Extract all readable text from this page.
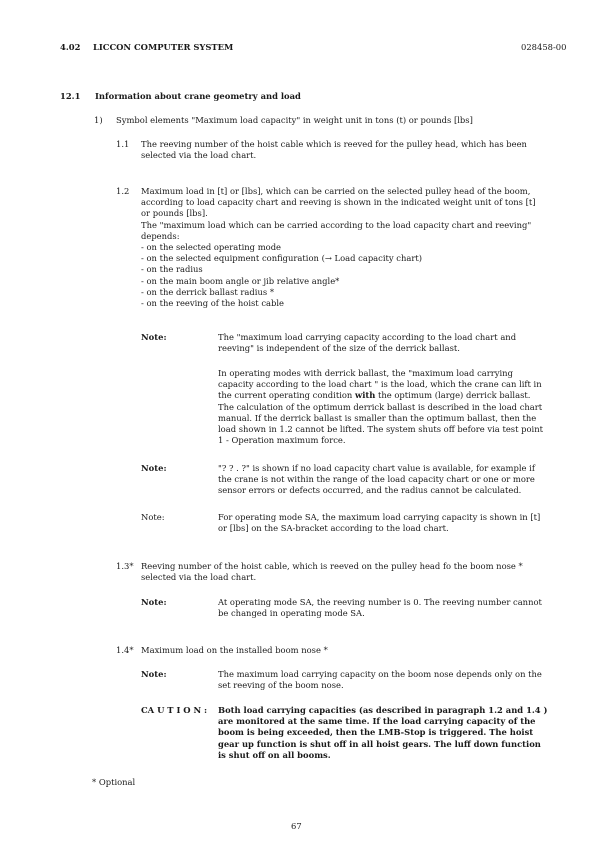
4.02 LICCON COMPUTER SYSTEM	028458-00
12.1 Information about crane geometry and load
1) Symbol elements "Maximum load capacity" in weight unit in tons (t) or pounds [lbs]
1.1 The reeving number of the hoist cable which is reeved for the pulley head, which has been

selected via the load chart.

1.2 Maximum load in [t] or [lbs], which can be carried on the selected pulley head of the boom,

according to load capacity chart and reeving is shown in the indicated weight unit of tons [t]

or pounds [lbs].

The "maximum load which can be carried according to the load capacity chart and reeving"

depends:

- on the selected operating mode

- on the selected equipment configuration (→ Load capacity chart)

- on the radius

- on the main boom angle or jib relative angle*

- on the derrick ballast radius *

- on the reeving of the hoist cable

Note:	The "maximum load carrying capacity according to the load chart and

reeving" is independent of the size of the derrick ballast.

In operating modes with derrick ballast, the "maximum load carrying

capacity according to the load chart " is the load, which the crane can lift in

the current operating condition with the optimum (large) derrick ballast.

The calculation of the optimum derrick ballast is described in the load chart

manual. If the derrick ballast is smaller than the optimum ballast, then the

load shown in 1.2 cannot be lifted. The system shuts off before via test point

1 - Operation maximum force.

Note:	"? ? . ?" is shown if no load capacity chart value is available, for example if

the crane is not within the range of the load capacity chart or one or more

sensor errors or defects occurred, and the radius cannot be calculated.

Note:	For operating mode SA, the maximum load carrying capacity is shown in [t]

or [lbs] on the SA-bracket according to the load chart.

1.3* Reeving number of the hoist cable, which is reeved on the pulley head fo the boom nose *

selected via the load chart.

Note:	At operating mode SA, the reeving number is 0. The reeving number cannot

be changed in operating mode SA.

1.4* Maximum load on the installed boom nose *
Note:	The maximum load carrying capacity on the boom nose depends only on the

set reeving of the boom nose.

CA U T I O N : Both load carrying capacities (as described in paragraph 1.2 and 1.4 )

are monitored at the same time. If the load carrying capacity of the

boom is being exceeded, then the LMB-Stop is triggered. The hoist

gear up function is shut off in all hoist gears. The luff down function

is shut off on all booms.

* Optional
67
